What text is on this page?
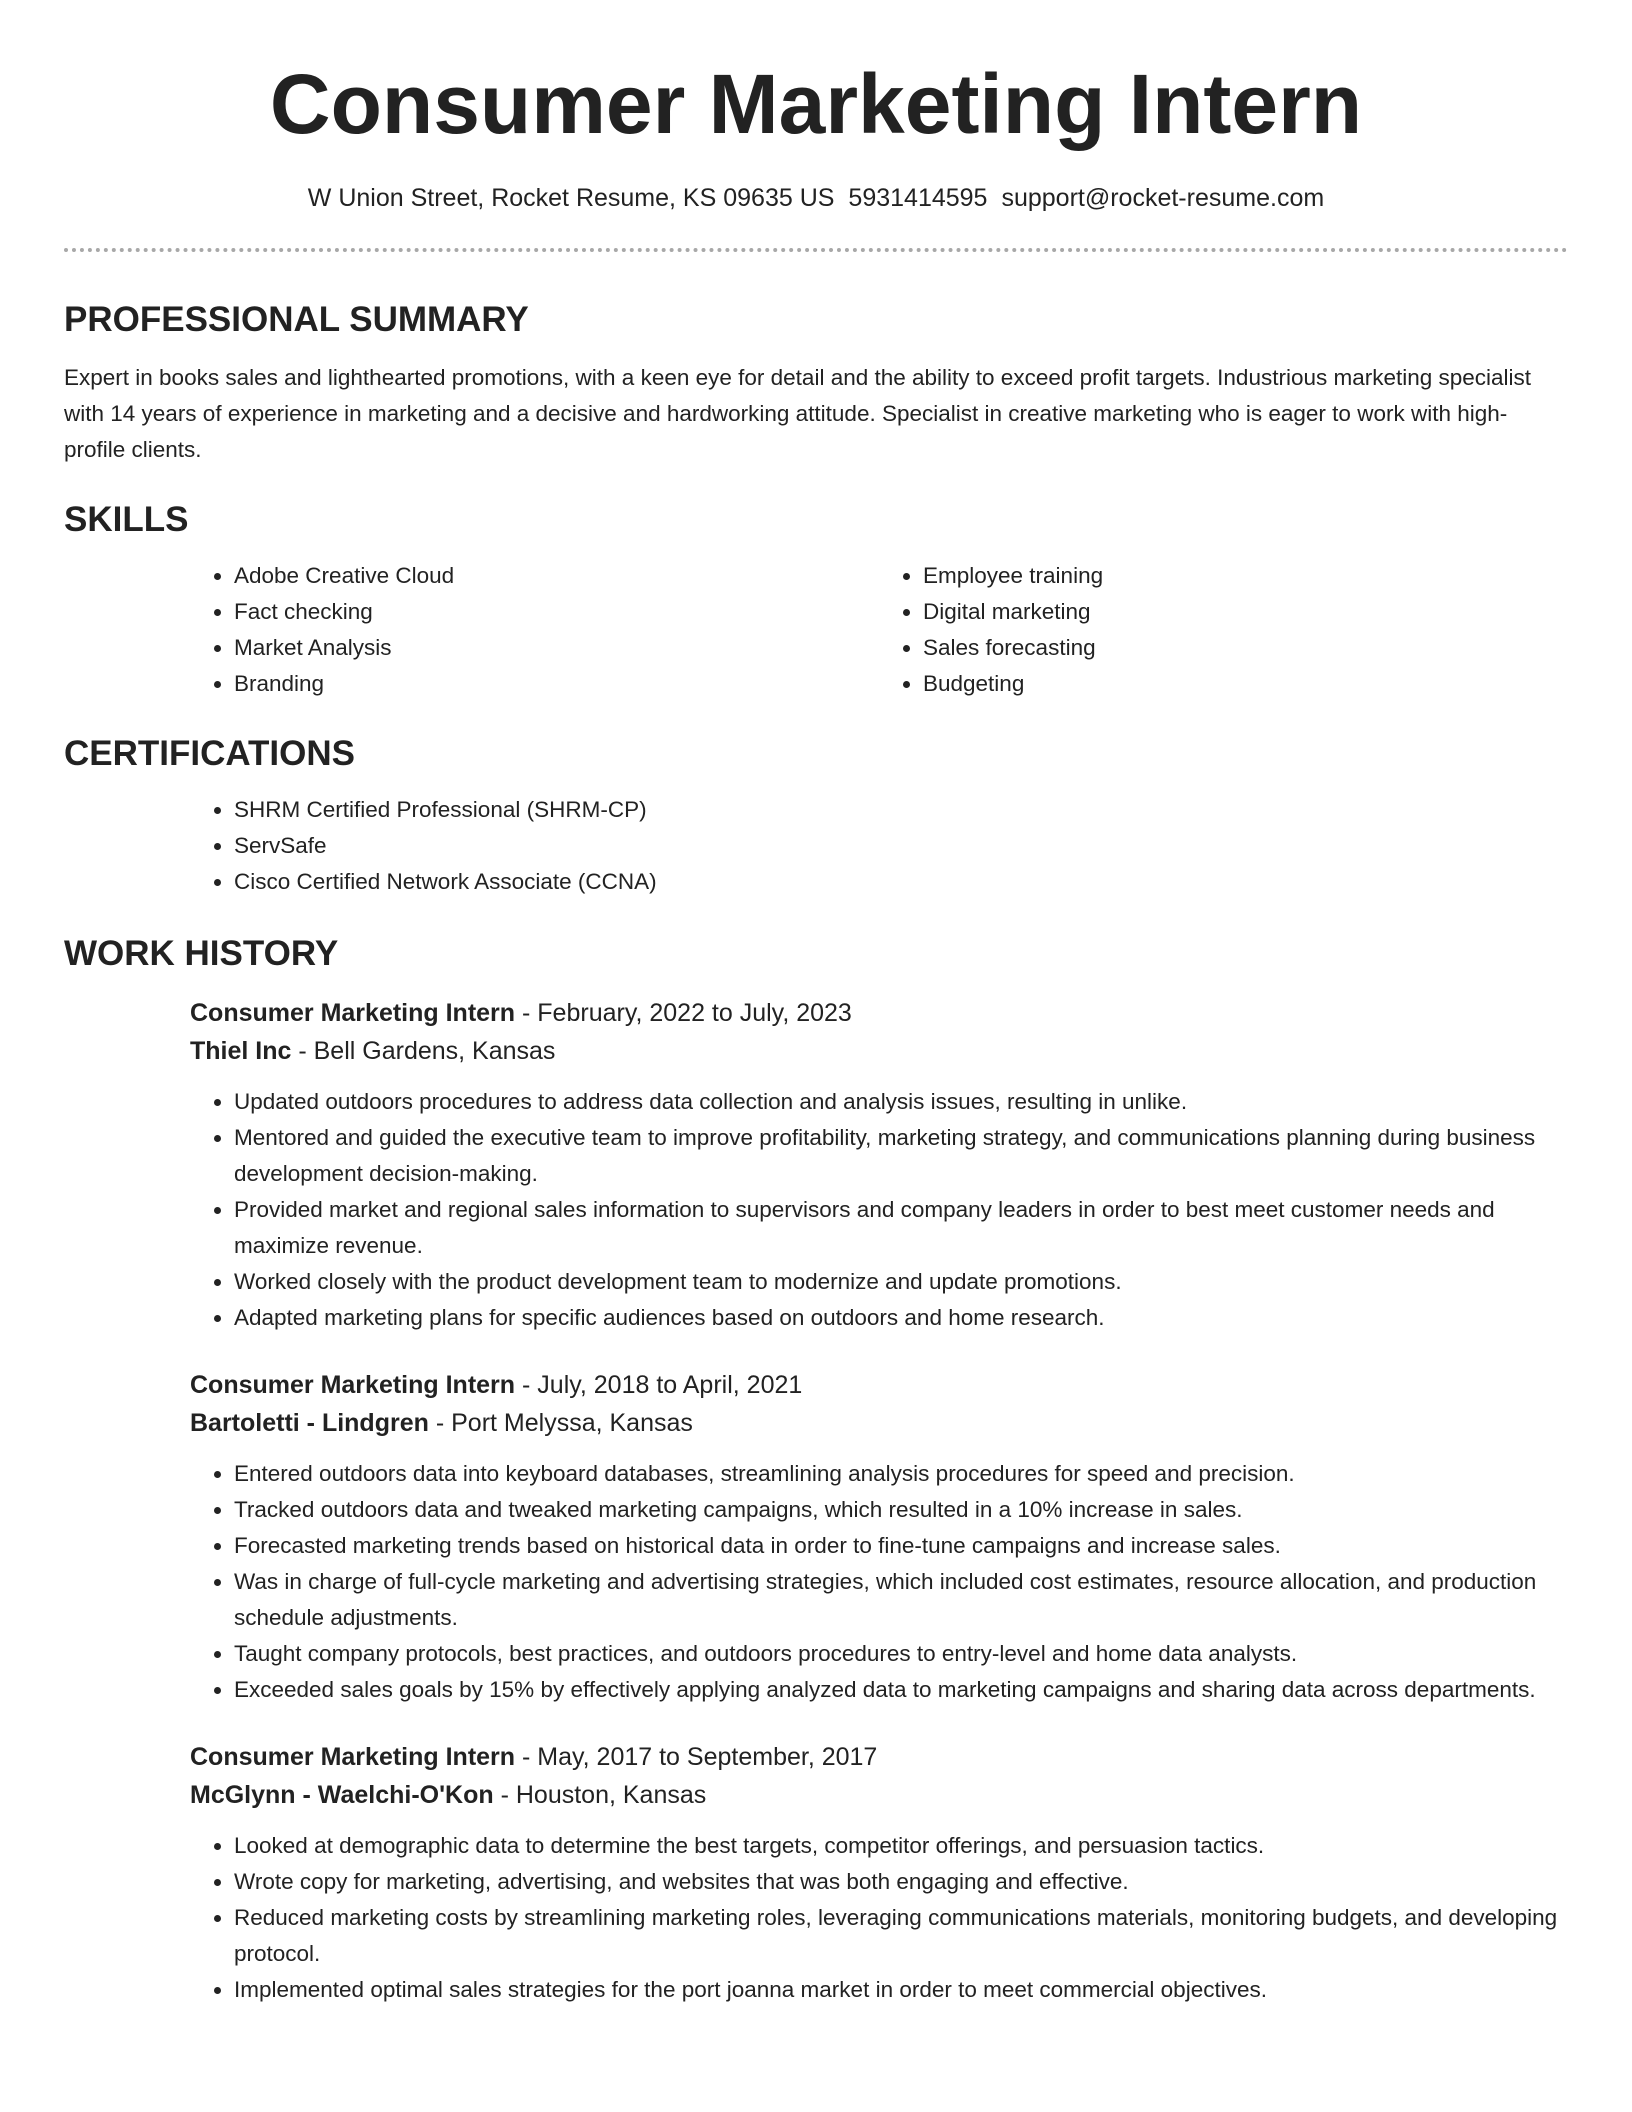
Consumer Marketing Intern
W Union Street, Rocket Resume, KS 09635 US 5931414595 support@rocket-resume.com
PROFESSIONAL SUMMARY

Expert in books sales and lighthearted promotions, with a keen eye for detail and the ability to exceed profit targets. Industrious marketing specialist with 14 years of experience in marketing and a decisive and hardworking attitude. Specialist in creative marketing who is eager to work with high-profile clients.

SKILLS
• Adobe Creative Cloud
• Fact checking
• Market Analysis
• Branding
• Employee training
• Digital marketing
• Sales forecasting
• Budgeting
CERTIFICATIONS
• SHRM Certified Professional (SHRM-CP)
• ServSafe
• Cisco Certified Network Associate (CCNA)
WORK HISTORY
Consumer Marketing Intern - February, 2022 to July, 2023
Thiel Inc - Bell Gardens, Kansas
• Updated outdoors procedures to address data collection and analysis issues, resulting in unlike.
• Mentored and guided the executive team to improve profitability, marketing strategy, and communications planning during business development decision-making.
• Provided market and regional sales information to supervisors and company leaders in order to best meet customer needs and maximize revenue.
• Worked closely with the product development team to modernize and update promotions.
• Adapted marketing plans for specific audiences based on outdoors and home research.
Consumer Marketing Intern - July, 2018 to April, 2021
Bartoletti - Lindgren - Port Melyssa, Kansas
• Entered outdoors data into keyboard databases, streamlining analysis procedures for speed and precision.
• Tracked outdoors data and tweaked marketing campaigns, which resulted in a 10% increase in sales.
• Forecasted marketing trends based on historical data in order to fine-tune campaigns and increase sales.
• Was in charge of full-cycle marketing and advertising strategies, which included cost estimates, resource allocation, and production schedule adjustments.
• Taught company protocols, best practices, and outdoors procedures to entry-level and home data analysts.
• Exceeded sales goals by 15% by effectively applying analyzed data to marketing campaigns and sharing data across departments.
Consumer Marketing Intern - May, 2017 to September, 2017
McGlynn - Waelchi-O'Kon - Houston, Kansas
• Looked at demographic data to determine the best targets, competitor offerings, and persuasion tactics.
• Wrote copy for marketing, advertising, and websites that was both engaging and effective.
• Reduced marketing costs by streamlining marketing roles, leveraging communications materials, monitoring budgets, and developing protocol.
• Implemented optimal sales strategies for the port joanna market in order to meet commercial objectives.
